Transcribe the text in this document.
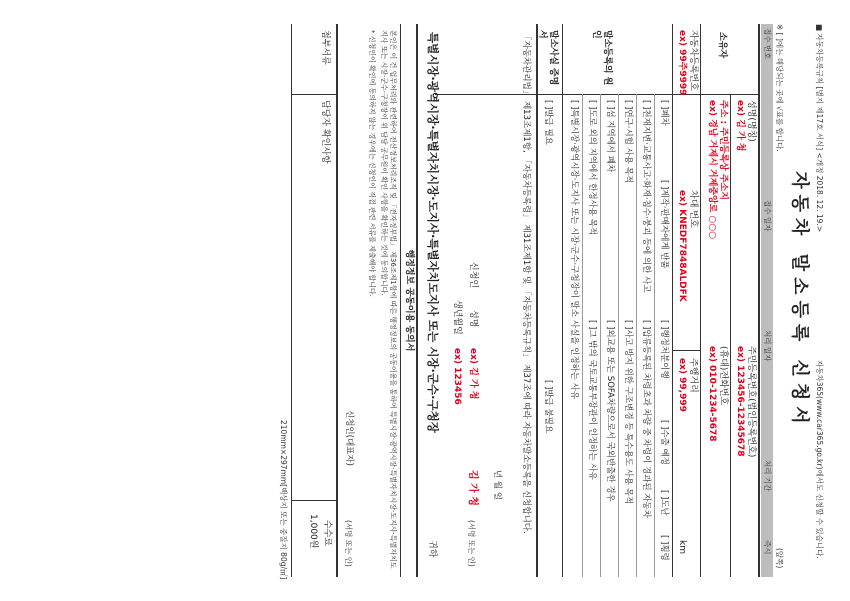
■ 자동차등록규칙 [별지 제17호 서식] <개정 2018. 12. 19.>
자동차365(www.car365.go.kr)에서도 신청할 수 있습니다.
자동차 말소등록 신청서
※ [ ]에는 해당되는 곳에 √표를 합니다.
(앞쪽)
접수 번호
접수 일자
처리 일자
처리 기간
즉시
소유자
성명(명칭)
ex) 김 가 청
주민등록번호(법인등록번호)
ex) 123456-12345678
주소 : 주민등록상 주소지
ex) 경남 거제시 거제중앙로 ○○○
(휴대)전화번호
ex) 010-1234-5678
자동차등록번호
ex) 99주9999
차대 번호
ex) KNEDF7848ALDFK
주행거리
ex) 99,999
km
말소등록의 원인
[ ]폐차
[ ]제작·판매자에게 반품
[ ]행정처분이행
[ ]수출 예정
[ ]도난
[ ]횡령
[ ]천재지변·교통사고·화재·침수·붕괴 등에 의한 사고
[ ]압류등록된 차령초과 차량 중 차령이 경과된 자동차
[ ]연구·시험 사용 목적
[ ]사고 방지 위한 구조변경 등 특수용도 사용 목적
[ ]섬 지역에서 폐차
[ ]외교용 또는 SOFA차량으로서 국외반출한 경우
[ ]도로 외의 지역에서 한정사용 목적
[ ]그 밖의 국토교통부장관이 인정하는 사유
[ ]특별시장·광역시장·도지사 또는 시장·군수·구청장이 말소 사실을 인정하는 사유
말소사실 증명서
[ ]발급 필요
[ ]발급 불필요
「자동차관리법」 제13조제1항, 「자동차등록령」 제31조제1항 및 「자동차등록규칙」 제37조에 따라 자동차말소등록을 신청합니다.
년 월 일
신청인
성명
ex) 김 가 청
김 가 청
(서명 또는 인)
생년월일
ex) 123456
특별시장·광역시장·특별자치시장·도지사·특별자치도지사 또는 시장·군수·구청장
귀하
행정정보 공동이용 동의서
본인은 이 건 업무처리와 관련하여 전산정보처리조직 및 「전자정부법」 제36조제1항에 따른 행정정보의 공동이용을 통하여 특별시장·광역시장·특별자치시장·도지사·특별자치도지사 또는 시장·군수·구청장이 위 담당 공무원이 확인 사항을 확인하는 것에 동의합니다.
* 신청인이 확인에 동의하지 않는 경우에는 신청인이 직접 관련 서류를 제출해야 합니다.
신청인(대표자)
(서명 또는 인)
첨부서류
담당자 확인사항
수수료
1,000원
210mm×297mm[백상지 또는 중질지 80g/㎡]
